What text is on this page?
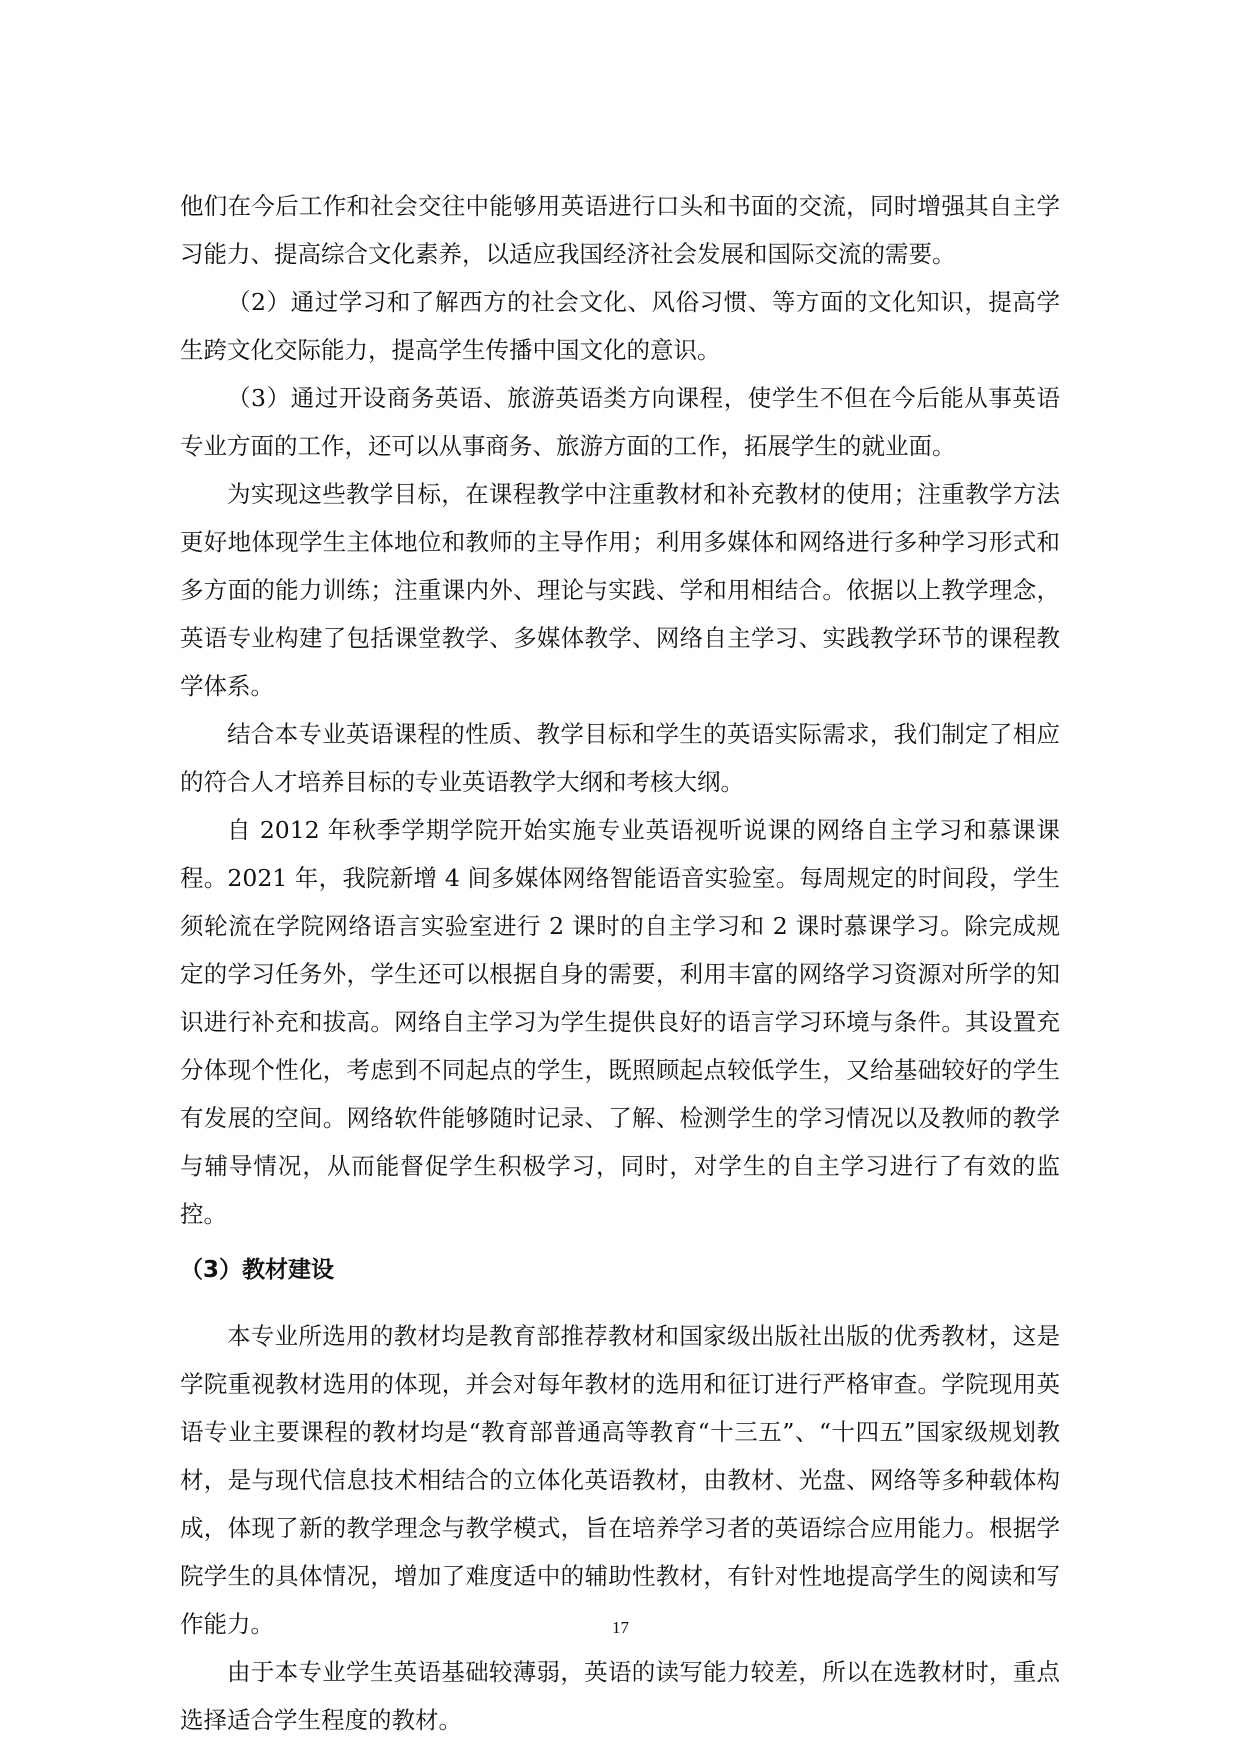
他们在今后工作和社会交往中能够用英语进行口头和书面的交流，同时增强其自主学习能力、提高综合文化素养，以适应我国经济社会发展和国际交流的需要。

（2）通过学习和了解西方的社会文化、风俗习惯、等方面的文化知识，提高学生跨文化交际能力，提高学生传播中国文化的意识。

（3）通过开设商务英语、旅游英语类方向课程，使学生不但在今后能从事英语专业方面的工作，还可以从事商务、旅游方面的工作，拓展学生的就业面。

为实现这些教学目标，在课程教学中注重教材和补充教材的使用；注重教学方法更好地体现学生主体地位和教师的主导作用；利用多媒体和网络进行多种学习形式和多方面的能力训练；注重课内外、理论与实践、学和用相结合。依据以上教学理念，英语专业构建了包括课堂教学、多媒体教学、网络自主学习、实践教学环节的课程教学体系。

结合本专业英语课程的性质、教学目标和学生的英语实际需求，我们制定了相应的符合人才培养目标的专业英语教学大纲和考核大纲。

自 2012 年秋季学期学院开始实施专业英语视听说课的网络自主学习和慕课课程。2021 年，我院新增 4 间多媒体网络智能语音实验室。每周规定的时间段，学生须轮流在学院网络语言实验室进行 2 课时的自主学习和 2 课时慕课学习。除完成规定的学习任务外，学生还可以根据自身的需要，利用丰富的网络学习资源对所学的知识进行补充和拔高。网络自主学习为学生提供良好的语言学习环境与条件。其设置充分体现个性化，考虑到不同起点的学生，既照顾起点较低学生，又给基础较好的学生有发展的空间。网络软件能够随时记录、了解、检测学生的学习情况以及教师的教学与辅导情况，从而能督促学生积极学习，同时，对学生的自主学习进行了有效的监控。

（3）教材建设

本专业所选用的教材均是教育部推荐教材和国家级出版社出版的优秀教材，这是学院重视教材选用的体现，并会对每年教材的选用和征订进行严格审查。学院现用英语专业主要课程的教材均是“教育部普通高等教育“十三五”、“十四五”国家级规划教材，是与现代信息技术相结合的立体化英语教材，由教材、光盘、网络等多种载体构成，体现了新的教学理念与教学模式，旨在培养学习者的英语综合应用能力。根据学院学生的具体情况，增加了难度适中的辅助性教材，有针对性地提高学生的阅读和写作能力。

由于本专业学生英语基础较薄弱，英语的读写能力较差，所以在选教材时，重点选择适合学生程度的教材。

17
